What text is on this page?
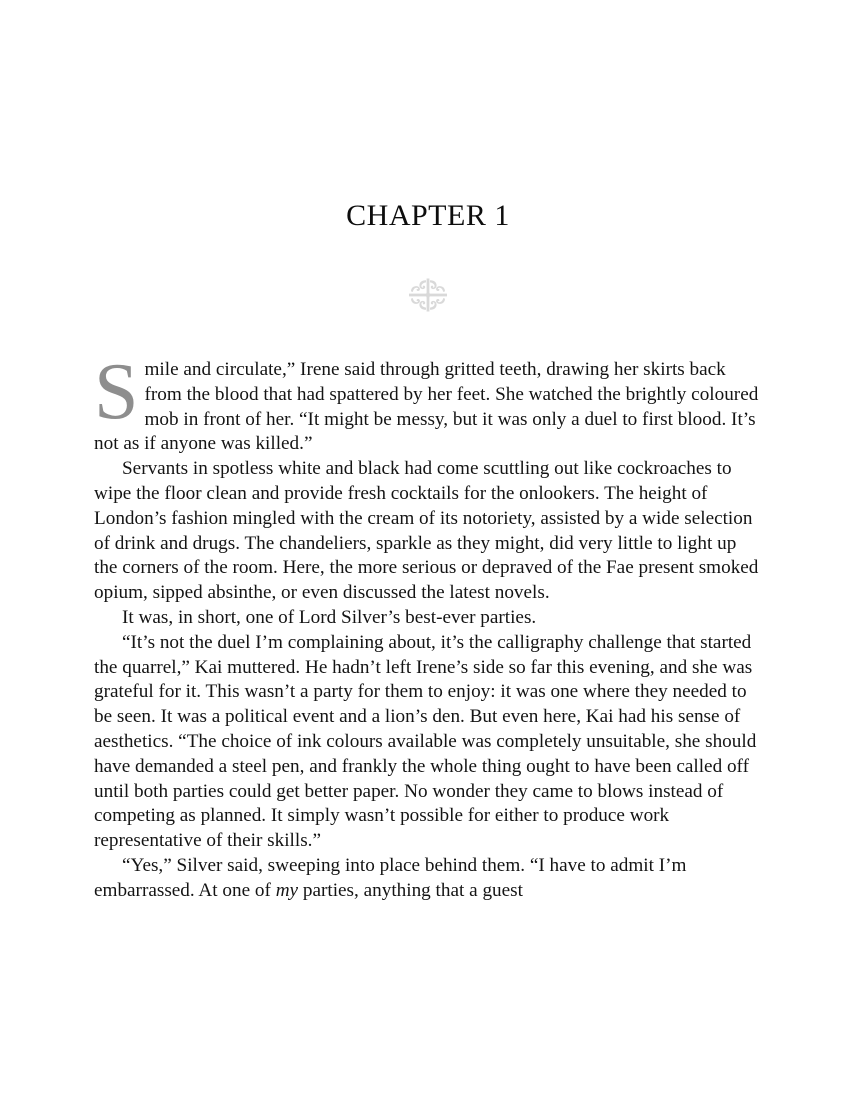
CHAPTER 1

Smile and circulate,” Irene said through gritted teeth, drawing her skirts back from the blood that had spattered by her feet. She watched the brightly coloured mob in front of her. “It might be messy, but it was only a duel to first blood. It’s not as if anyone was killed.”

Servants in spotless white and black had come scuttling out like cockroaches to wipe the floor clean and provide fresh cocktails for the onlookers. The height of London’s fashion mingled with the cream of its notoriety, assisted by a wide selection of drink and drugs. The chandeliers, sparkle as they might, did very little to light up the corners of the room. Here, the more serious or depraved of the Fae present smoked opium, sipped absinthe, or even discussed the latest novels.

It was, in short, one of Lord Silver’s best-ever parties.

“It’s not the duel I’m complaining about, it’s the calligraphy challenge that started the quarrel,” Kai muttered. He hadn’t left Irene’s side so far this evening, and she was grateful for it. This wasn’t a party for them to enjoy: it was one where they needed to be seen. It was a political event and a lion’s den. But even here, Kai had his sense of aesthetics. “The choice of ink colours available was completely unsuitable, she should have demanded a steel pen, and frankly the whole thing ought to have been called off until both parties could get better paper. No wonder they came to blows instead of competing as planned. It simply wasn’t possible for either to produce work representative of their skills.”

“Yes,” Silver said, sweeping into place behind them. “I have to admit I’m embarrassed. At one of my parties, anything that a guest
